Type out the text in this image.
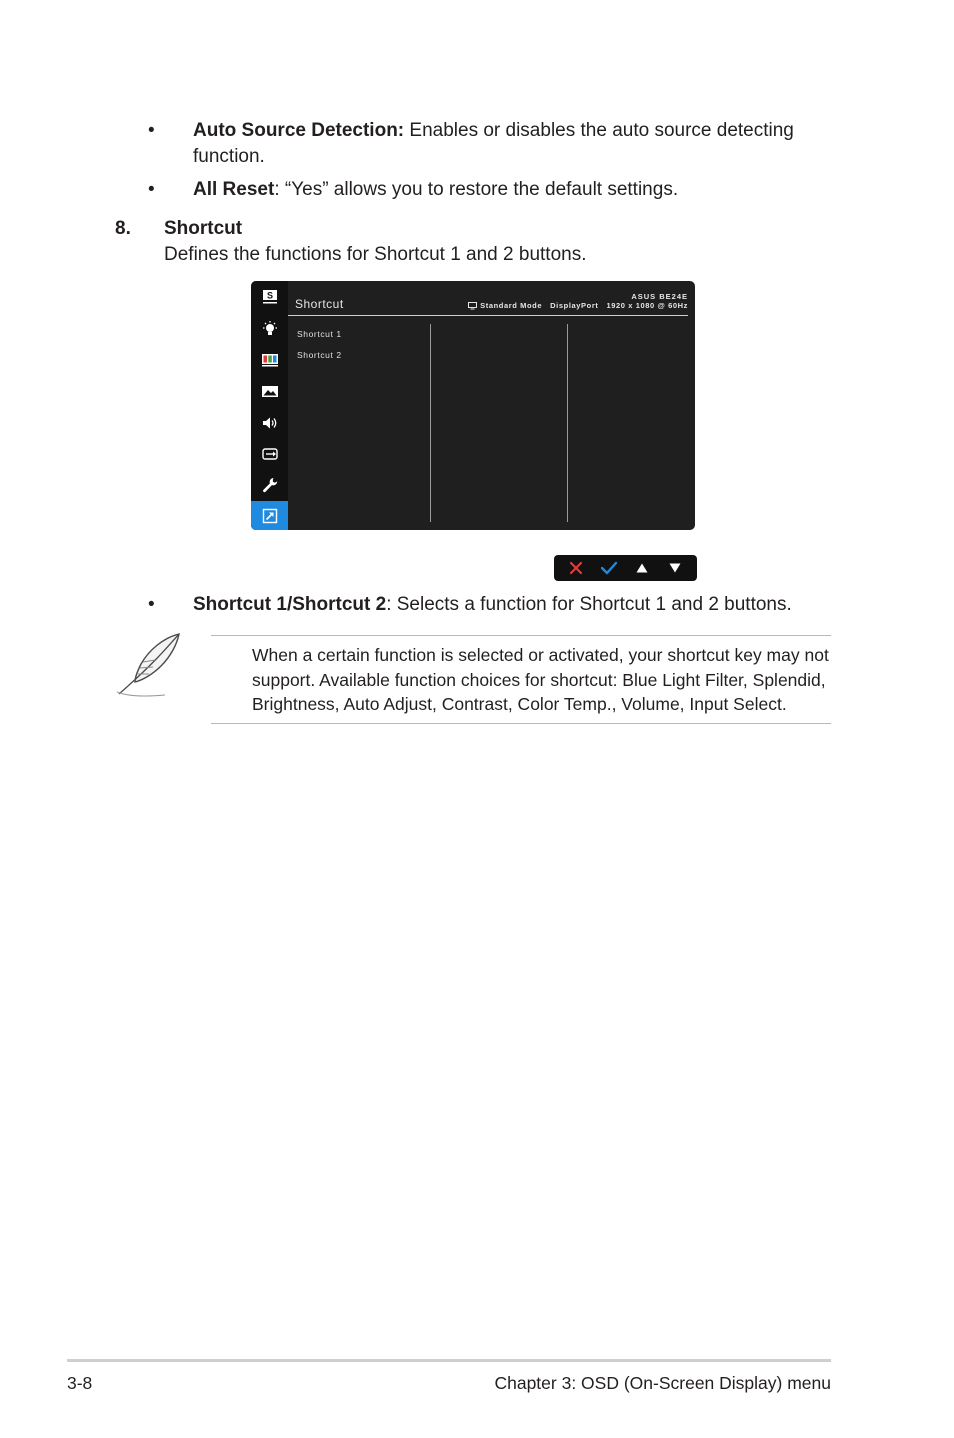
• Auto Source Detection: Enables or disables the auto source detecting
function.
• All Reset: “Yes” allows you to restore the default settings.
8. Shortcut
Defines the functions for Shortcut 1 and 2 buttons.
S
Shortcut
ASUS BE24E
Standard Mode   DisplayPort   1920 x 1080 @ 60Hz
Shortcut 1
Shortcut 2
• Shortcut 1/Shortcut 2: Selects a function for Shortcut 1 and 2 buttons.
When a certain function is selected or activated, your shortcut key may not
support. Available function choices for shortcut: Blue Light Filter, Splendid,
Brightness, Auto Adjust, Contrast, Color Temp., Volume, Input Select.
3-8	Chapter 3: OSD (On-Screen Display) menu
